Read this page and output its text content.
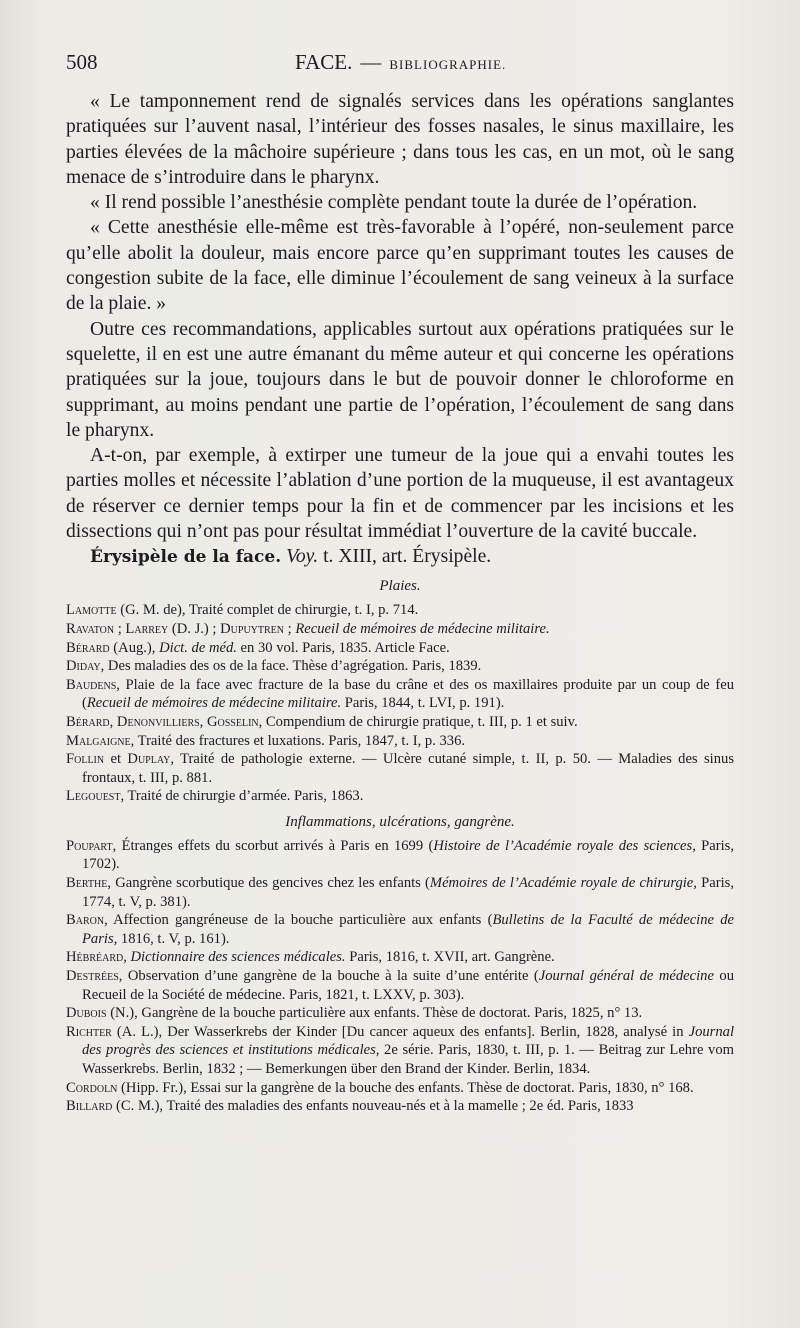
508	FACE. — BIBLIOGRAPHIE.

« Le tamponnement rend de signalés services dans les opérations sanglantes pratiquées sur l’auvent nasal, l’intérieur des fosses nasales, le sinus maxillaire, les parties élevées de la mâchoire supérieure ; dans tous les cas, en un mot, où le sang menace de s’introduire dans le pharynx.

« Il rend possible l’anesthésie complète pendant toute la durée de l’opération.

« Cette anesthésie elle-même est très-favorable à l’opéré, non-seulement parce qu’elle abolit la douleur, mais encore parce qu’en supprimant toutes les causes de congestion subite de la face, elle diminue l’écoulement de sang veineux à la surface de la plaie. »

Outre ces recommandations, applicables surtout aux opérations pratiquées sur le squelette, il en est une autre émanant du même auteur et qui concerne les opérations pratiquées sur la joue, toujours dans le but de pouvoir donner le chloroforme en supprimant, au moins pendant une partie de l’opération, l’écoulement de sang dans le pharynx.

A-t-on, par exemple, à extirper une tumeur de la joue qui a envahi toutes les parties molles et nécessite l’ablation d’une portion de la muqueuse, il est avantageux de réserver ce dernier temps pour la fin et de commencer par les incisions et les dissections qui n’ont pas pour résultat immédiat l’ouverture de la cavité buccale.

Érysipèle de la face. Voy. t. XIII, art. Érysipèle.
Plaies.
Lamotte (G. M. de), Traité complet de chirurgie, t. I, p. 714.
Ravaton ; Larrey (D. J.) ; Dupuytren ; Recueil de mémoires de médecine militaire.
Bérard (Aug.), Dict. de méd. en 30 vol. Paris, 1835. Article Face.
Diday, Des maladies des os de la face. Thèse d’agrégation. Paris, 1839.
Baudens, Plaie de la face avec fracture de la base du crâne et des os maxillaires produite par un coup de feu (Recueil de mémoires de médecine militaire. Paris, 1844, t. LVI, p. 191).
Bérard, Denonvilliers, Gosselin, Compendium de chirurgie pratique, t. III, p. 1 et suiv.
Malgaigne, Traité des fractures et luxations. Paris, 1847, t. I, p. 336.
Follin et Duplay, Traité de pathologie externe. — Ulcère cutané simple, t. II, p. 50. — Maladies des sinus frontaux, t. III, p. 881.
Legouest, Traité de chirurgie d’armée. Paris, 1863.
Inflammations, ulcérations, gangrène.
Poupart, Étranges effets du scorbut arrivés à Paris en 1699 (Histoire de l’Académie royale des sciences, Paris, 1702).
Berthe, Gangrène scorbutique des gencives chez les enfants (Mémoires de l’Académie royale de chirurgie, Paris, 1774, t. V, p. 381).
Baron, Affection gangréneuse de la bouche particulière aux enfants (Bulletins de la Faculté de médecine de Paris, 1816, t. V, p. 161).
Hébréard, Dictionnaire des sciences médicales. Paris, 1816, t. XVII, art. Gangrène.
Destrées, Observation d’une gangrène de la bouche à la suite d’une entérite (Journal général de médecine ou Recueil de la Société de médecine. Paris, 1821, t. LXXV, p. 303).
Dubois (N.), Gangrène de la bouche particulière aux enfants. Thèse de doctorat. Paris, 1825, n° 13.
Richter (A. L.), Der Wasserkrebs der Kinder [Du cancer aqueux des enfants]. Berlin, 1828, analysé in Journal des progrès des sciences et institutions médicales, 2e série. Paris, 1830, t. III, p. 1. — Beitrag zur Lehre vom Wasserkrebs. Berlin, 1832 ; — Bemerkungen über den Brand der Kinder. Berlin, 1834.
Cordoln (Hipp. Fr.), Essai sur la gangrène de la bouche des enfants. Thèse de doctorat. Paris, 1830, n° 168.
Billard (C. M.), Traité des maladies des enfants nouveau-nés et à la mamelle ; 2e éd. Paris, 1833
